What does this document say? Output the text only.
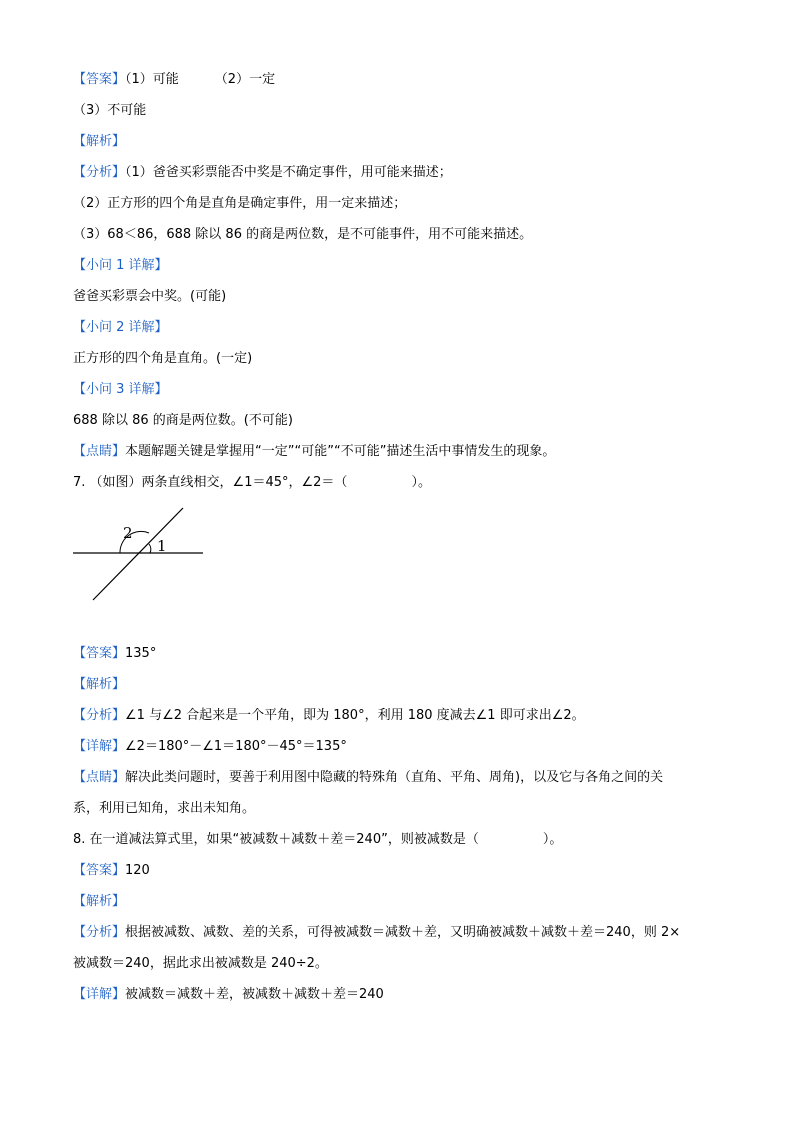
【答案】（1）可能	（2）一定
（3）不可能
【解析】
【分析】（1）爸爸买彩票能否中奖是不确定事件，用可能来描述；
（2）正方形的四个角是直角是确定事件，用一定来描述；
（3）68＜86，688 除以 86 的商是两位数，是不可能事件，用不可能来描述。
【小问 1 详解】
爸爸买彩票会中奖。(可能)
【小问 2 详解】
正方形的四个角是直角。(一定)
【小问 3 详解】
688 除以 86 的商是两位数。(不可能)
【点睛】本题解题关键是掌握用“一定”“可能”“不可能”描述生活中事情发生的现象。
7. （如图）两条直线相交，∠1＝45°，∠2＝（	）。
2
1
【答案】135°
【解析】
【分析】∠1 与∠2 合起来是一个平角，即为 180°，利用 180 度减去∠1 即可求出∠2。
【详解】∠2＝180°－∠1＝180°－45°＝135°
【点睛】解决此类问题时，要善于利用图中隐藏的特殊角（直角、平角、周角)，以及它与各角之间的关
系，利用已知角，求出未知角。
8. 在一道减法算式里，如果“被减数＋减数＋差＝240”，则被减数是（	）。
【答案】120
【解析】
【分析】根据被减数、减数、差的关系，可得被减数＝减数＋差，又明确被减数＋减数＋差＝240，则 2×
被减数＝240，据此求出被减数是 240÷2。
【详解】被减数＝减数＋差，被减数＋减数＋差＝240
